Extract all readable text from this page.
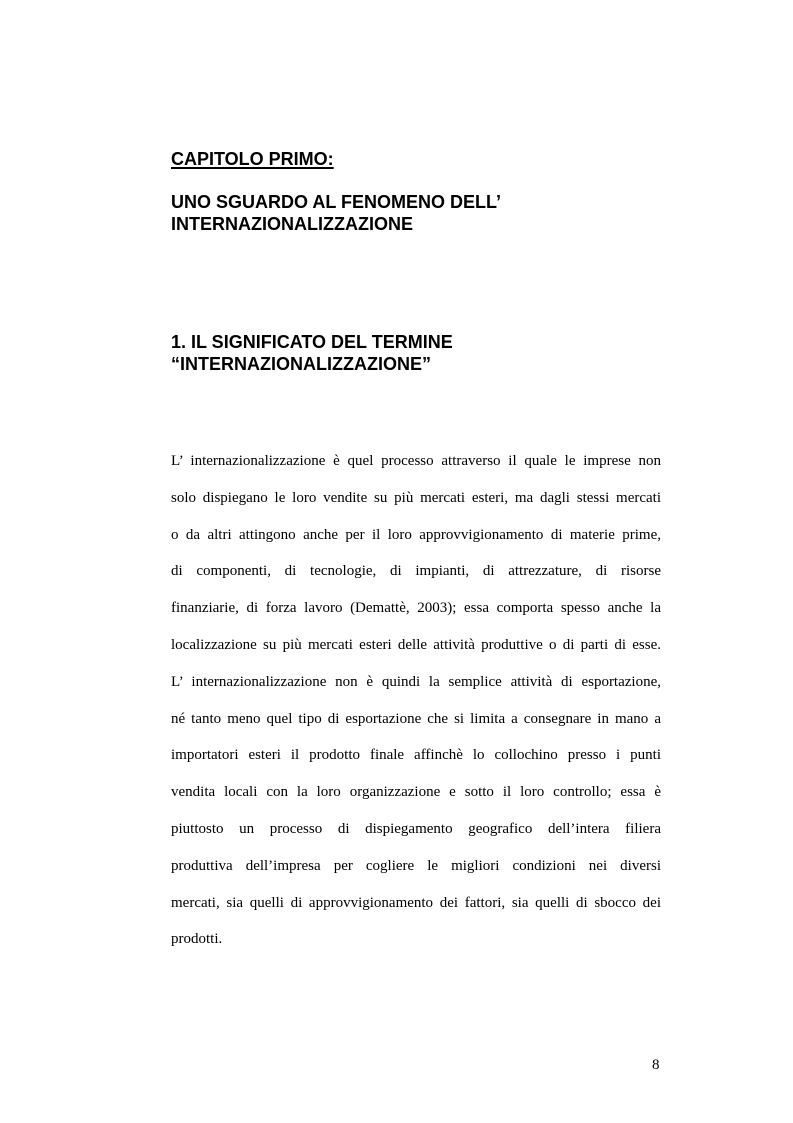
CAPITOLO PRIMO:
UNO SGUARDO AL FENOMENO DELL’
INTERNAZIONALIZZAZIONE
1. IL SIGNIFICATO DEL TERMINE
“INTERNAZIONALIZZAZIONE”
L’ internazionalizzazione è quel processo attraverso il quale le imprese non
solo dispiegano le loro vendite su più mercati esteri, ma dagli stessi mercati
o da altri attingono anche per il loro approvvigionamento di materie prime,
di componenti, di tecnologie, di impianti, di attrezzature, di risorse
finanziarie, di forza lavoro (Demattè, 2003); essa comporta spesso anche la
localizzazione su più mercati esteri delle attività produttive o di parti di esse.
L’ internazionalizzazione non è quindi la semplice attività di esportazione,
né tanto meno quel tipo di esportazione che si limita a consegnare in mano a
importatori esteri il prodotto finale affinchè lo collochino presso i punti
vendita locali con la loro organizzazione e sotto il loro controllo; essa è
piuttosto un processo di dispiegamento geografico dell’intera filiera
produttiva dell’impresa per cogliere le migliori condizioni nei diversi
mercati, sia quelli di approvvigionamento dei fattori, sia quelli di sbocco dei
prodotti.

8
